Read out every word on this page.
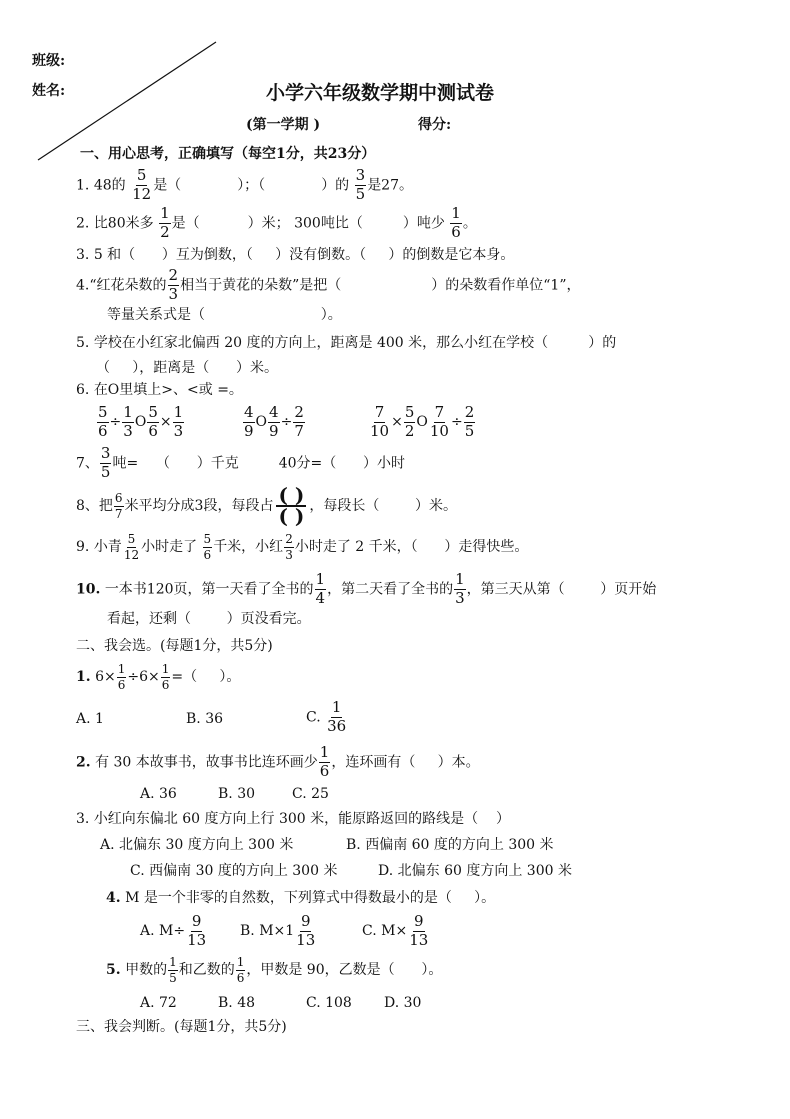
班级:
姓名:	小学六年级数学期中测试卷
(第一学期 )	得分:
一、用心思考，正确填写（每空1分，共23分）
1. 48的 $\frac{5}{12}$ 是（	）；（	）的 $\frac{3}{5}$ 是27。
2. 比80米多 $\frac{1}{2}$ 是（	）米； 300吨比（	）吨少 $\frac{1}{6}$ 。
3. 5 和（      ）互为倒数，（     ）没有倒数。（     ）的倒数是它本身。
4.“红花朵数的 $\frac{2}{3}$ 相当于黄花的朵数”是把（	）的朵数看作单位“1”，
等量关系式是（                          ）。
5. 学校在小红家北偏西 20 度的方向上，距离是 400 米，那么小红在学校（         ）的
（     ），距离是（      ）米。
6. 在O里填上>、<或 =。
$\frac{5}{6} \div \frac{1}{3}$ O $\frac{5}{6} \times \frac{1}{3}$	$\frac{4}{9}$ O $\frac{4}{9} \div \frac{2}{7}$	$\frac{7}{10} \times \frac{5}{2}$ O $\frac{7}{10} \div \frac{2}{5}$
7、 $\frac{3}{5}$ 吨=    （      ）千克	40分=（      ）小时
8、把 $\frac{6}{7}$ 米平均分成3段，每段占 $\frac{( )}{( )}$ ，每段长（        ）米。
9. 小青 $\frac{5}{12}$ 小时走了 $\frac{5}{6}$ 千米，小红 $\frac{2}{3}$ 小时走了 2 千米，（      ）走得快些。
10. 一本书120页，第一天看了全书的 $\frac{1}{4}$ ，第二天看了全书的 $\frac{1}{3}$ ，第三天从第（        ）页开始
看起，还剩（        ）页没看完。
二、我会选。(每题1分，共5分)
1. $6\times \frac{1}{6} \div 6\times \frac{1}{6}$ =（     ）。
A. 1	B. 36	C. $\frac{1}{36}$
2. 有 30 本故事书，故事书比连环画少 $\frac{1}{6}$ ，连环画有（     ）本。
A. 36	B. 30	C. 25
3. 小红向东偏北 60 度方向上行 300 米，能原路返回的路线是（    ）
A. 北偏东 30 度方向上 300 米	B. 西偏南 60 度的方向上 300 米
C. 西偏南 30 度的方向上 300 米	D. 北偏东 60 度方向上 300 米
4. M 是一个非零的自然数，下列算式中得数最小的是（     ）。
A. $M\div \frac{9}{13} B$. $M\times 1 \frac{9}{13}$	C. $M\times \frac{9}{13}$
5. 甲数的 $\frac{1}{5}$ 和乙数的 $\frac{1}{6}$ ，甲数是 90，乙数是（      ）。
A. 72	B. 48	C. 108 D. 30
三、我会判断。(每题1分，共5分)
